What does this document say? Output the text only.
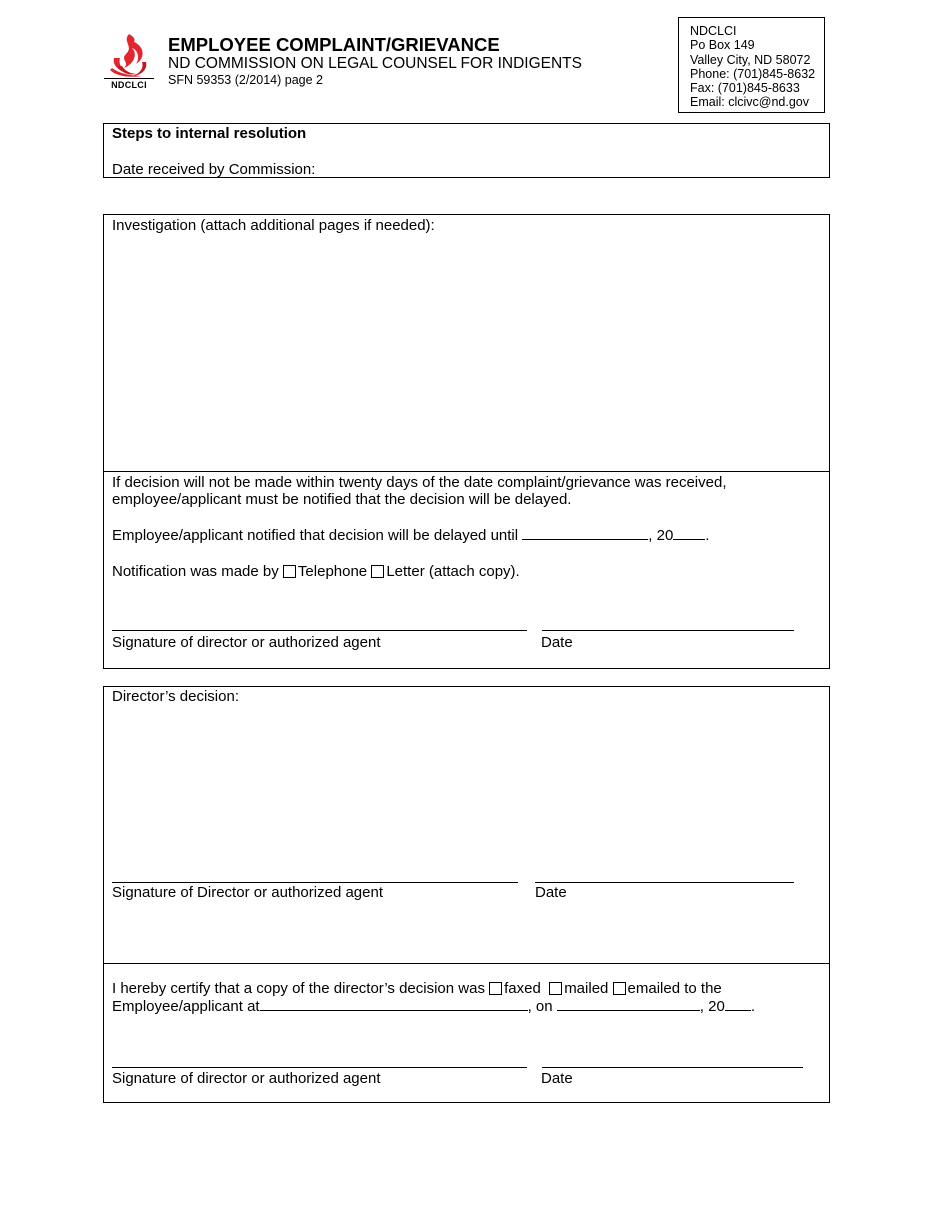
NDCLCI
EMPLOYEE COMPLAINT/GRIEVANCE
ND COMMISSION ON LEGAL COUNSEL FOR INDIGENTS
SFN 59353 (2/2014) page 2
NDCLCI
Po Box 149
Valley City, ND 58072
Phone: (701)845-8632
Fax: (701)845-8633
Email: clcivc@nd.gov
Steps to internal resolution
Date received by Commission:
Investigation (attach additional pages if needed):
If decision will not be made within twenty days of the date complaint/grievance was received,
employee/applicant must be notified that the decision will be delayed.
Employee/applicant notified that decision will be delayed until	, 20 .
Notification was made by Telephone Letter (attach copy).
Signature of director or authorized agent	Date
Director’s decision:
Signature of Director or authorized agent	Date
I hereby certify that a copy of the director’s decision was faxed mailed emailed to the
Employee/applicant at	, on	, 20 .
Signature of director or authorized agent	Date
